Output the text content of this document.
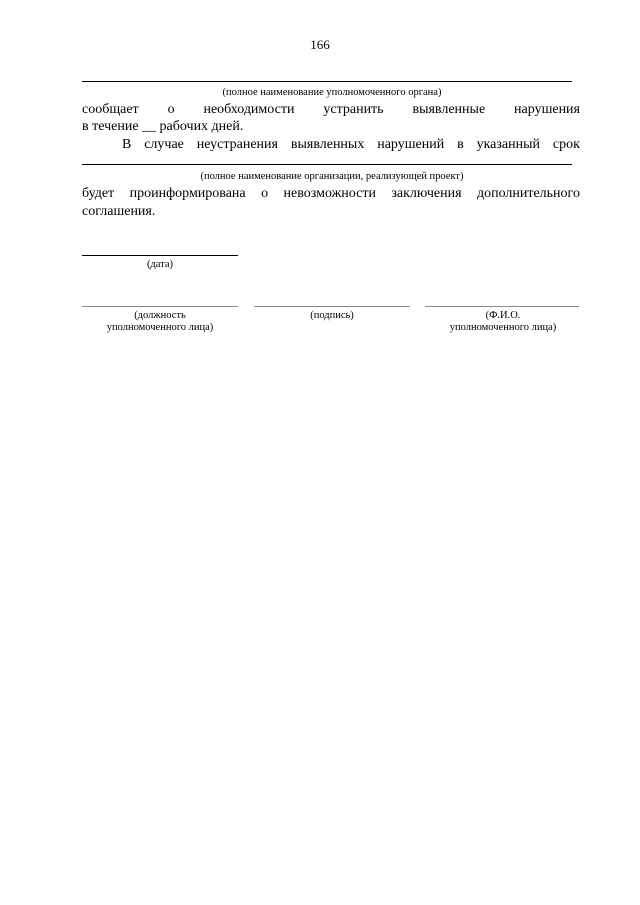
166
(полное наименование уполномоченного органа)
сообщает о необходимости устранить выявленные нарушения
в течение __ рабочих дней.
В случае неустранения выявленных нарушений в указанный срок
(полное наименование организации, реализующей проект)
будет проинформирована о невозможности заключения дополнительного
соглашения.
(дата)
(должность
уполномоченного лица)
(подпись)	(Ф.И.О.
уполномоченного лица)
